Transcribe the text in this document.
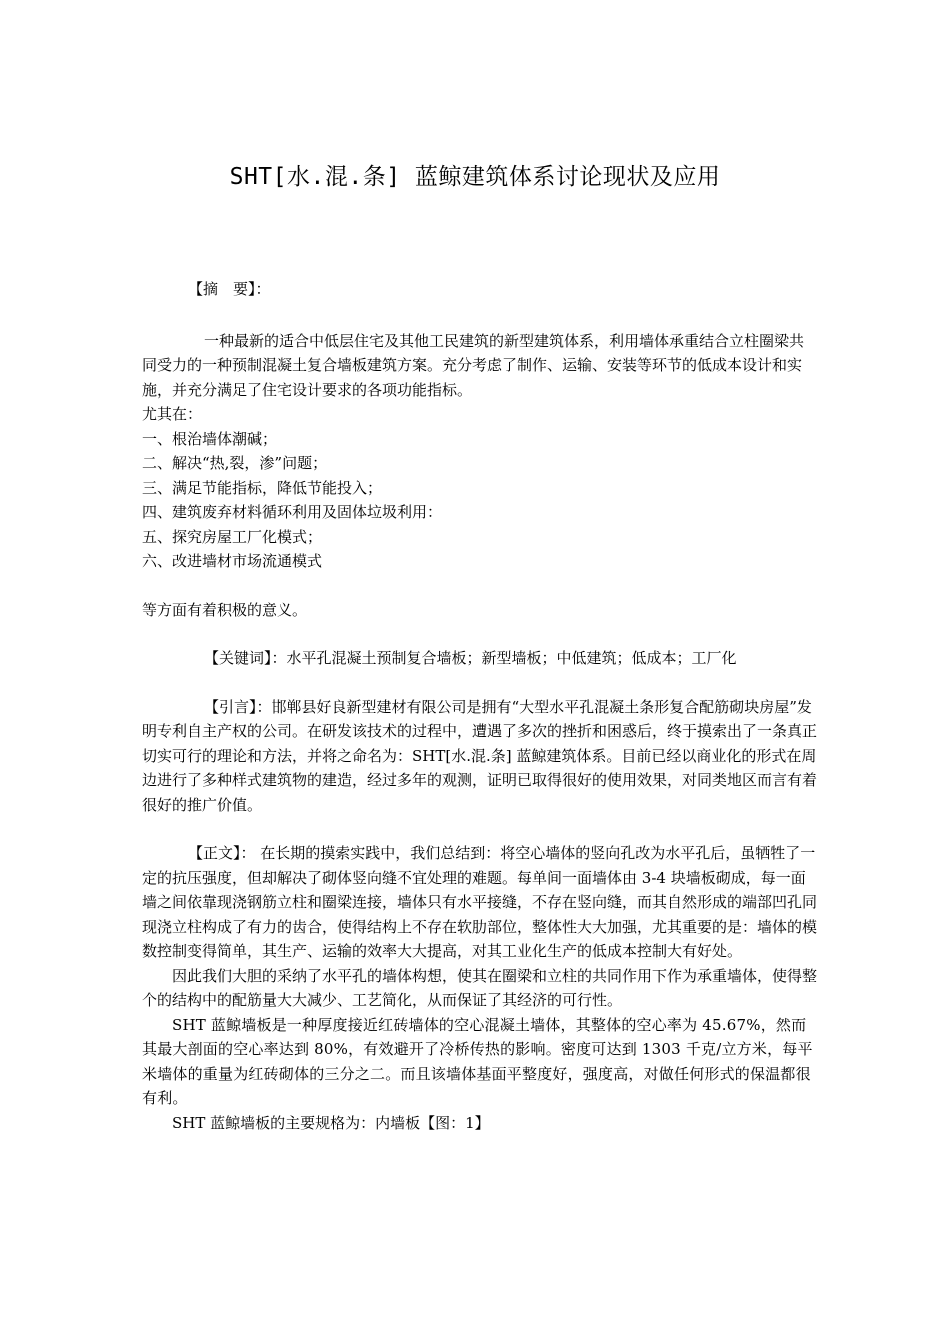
SHT[水.混.条] 蓝鲸建筑体系讨论现状及应用

【摘　要】：

一种最新的适合中低层住宅及其他工民建筑的新型建筑体系，利用墙体承重结合立柱圈梁共同受力的一种预制混凝土复合墙板建筑方案。充分考虑了制作、运输、安装等环节的低成本设计和实施，并充分满足了住宅设计要求的各项功能指标。

尤其在：

一、根治墙体潮碱；

二、解决“热,裂，渗”问题；

三、满足节能指标，降低节能投入；

四、建筑废弃材料循环利用及固体垃圾利用：

五、探究房屋工厂化模式；

六、改进墙材市场流通模式

等方面有着积极的意义。

【关键词】：水平孔混凝土预制复合墙板；新型墙板；中低建筑；低成本；工厂化

【引言】：邯郸县好良新型建材有限公司是拥有“大型水平孔混凝土条形复合配筋砌块房屋”发明专利自主产权的公司。在研发该技术的过程中，遭遇了多次的挫折和困惑后，终于摸索出了一条真正切实可行的理论和方法，并将之命名为：SHT[水.混.条] 蓝鲸建筑体系。目前已经以商业化的形式在周边进行了多种样式建筑物的建造，经过多年的观测，证明已取得很好的使用效果，对同类地区而言有着很好的推广价值。

【正文】： 在长期的摸索实践中，我们总结到：将空心墙体的竖向孔改为水平孔后，虽牺牲了一定的抗压强度，但却解决了砌体竖向缝不宜处理的难题。每单间一面墙体由 3-4 块墙板砌成，每一面墙之间依靠现浇钢筋立柱和圈梁连接，墙体只有水平接缝，不存在竖向缝，而其自然形成的端部凹孔同现浇立柱构成了有力的齿合，使得结构上不存在软肋部位，整体性大大加强，尤其重要的是：墙体的模数控制变得简单，其生产、运输的效率大大提高，对其工业化生产的低成本控制大有好处。

因此我们大胆的采纳了水平孔的墙体构想，使其在圈梁和立柱的共同作用下作为承重墙体，使得整个的结构中的配筋量大大减少、工艺简化，从而保证了其经济的可行性。

SHT 蓝鲸墙板是一种厚度接近红砖墙体的空心混凝土墙体，其整体的空心率为 45.67%，然而其最大剖面的空心率达到 80%，有效避开了冷桥传热的影响。密度可达到 1303 千克/立方米，每平米墙体的重量为红砖砌体的三分之二。而且该墙体基面平整度好，强度高，对做任何形式的保温都很有利。

SHT 蓝鲸墙板的主要规格为：内墙板【图：1】
